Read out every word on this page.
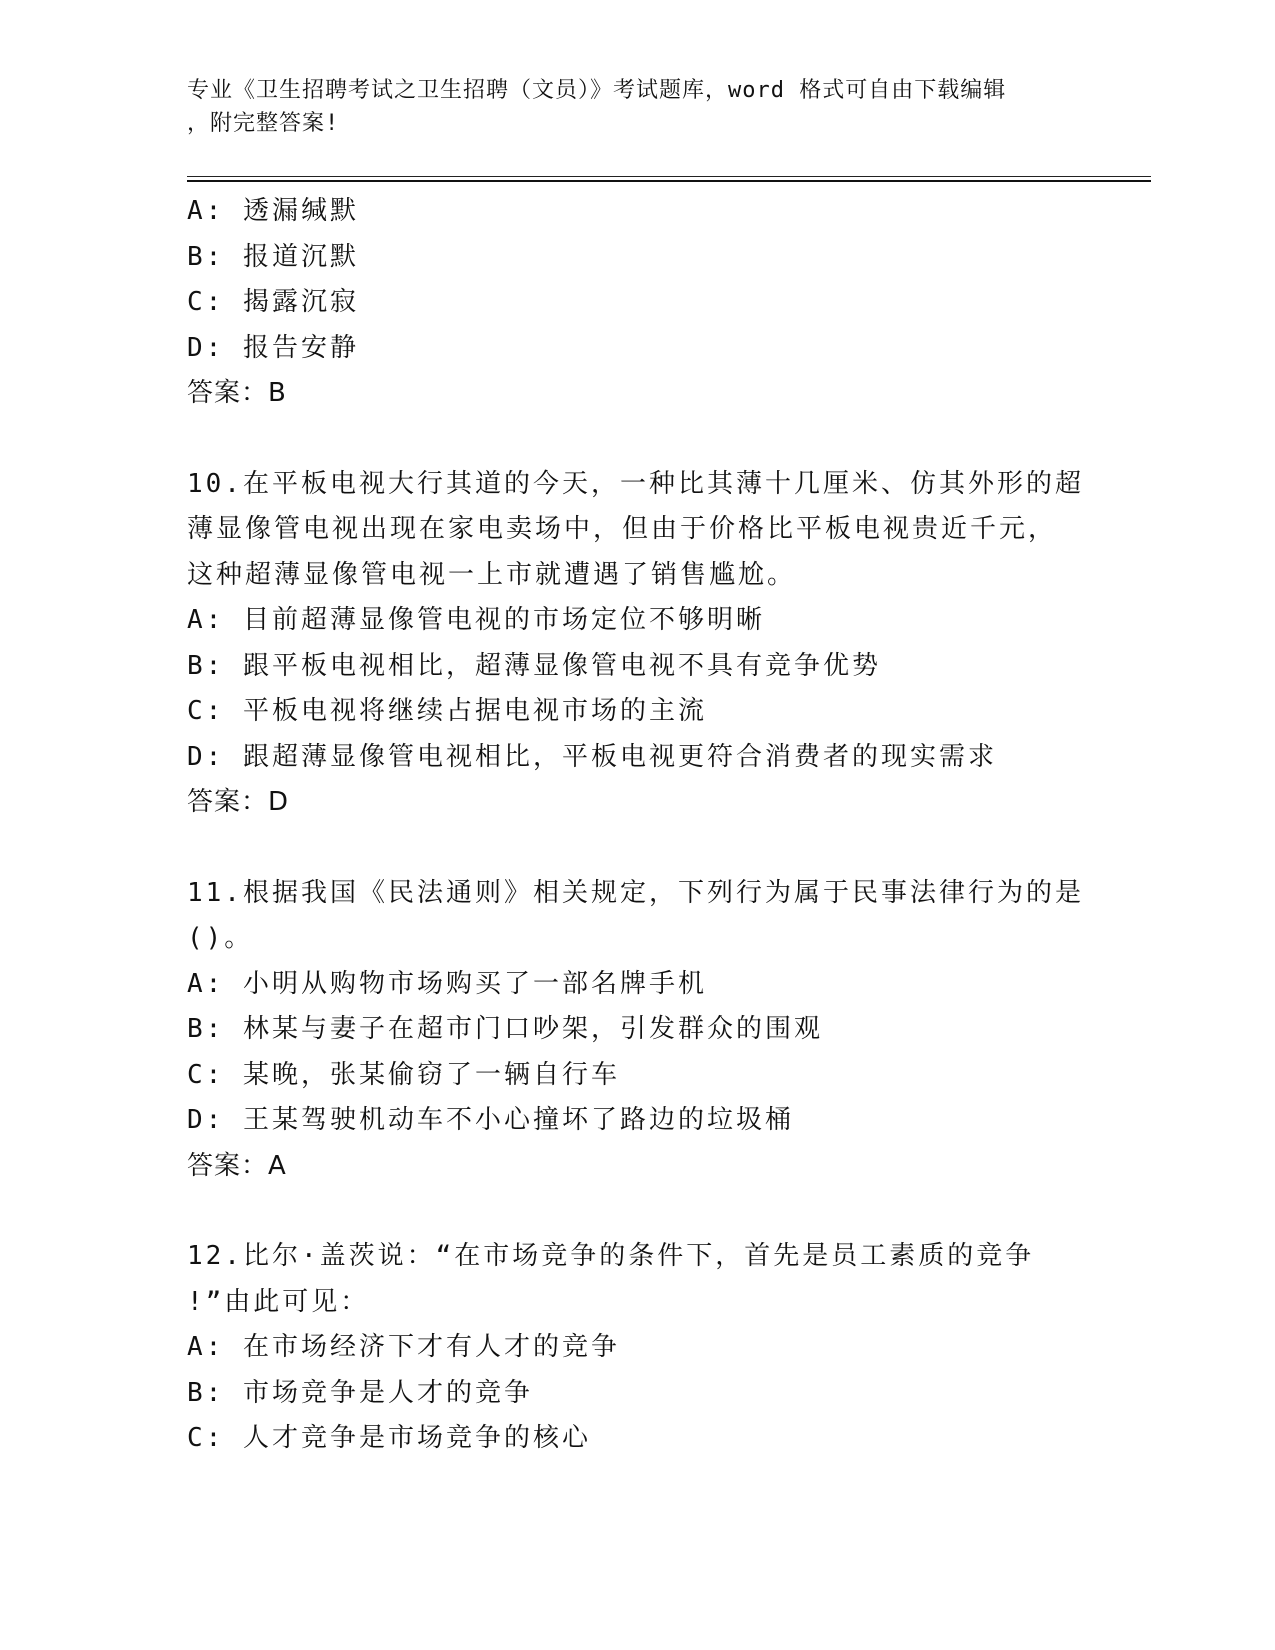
专业《卫生招聘考试之卫生招聘（文员）》考试题库，word 格式可自由下载编辑
，附完整答案!
A: 透漏缄默
B: 报道沉默
C: 揭露沉寂
D: 报告安静
答案：B
10.在平板电视大行其道的今天，一种比其薄十几厘米、仿其外形的超
薄显像管电视出现在家电卖场中，但由于价格比平板电视贵近千元，
这种超薄显像管电视一上市就遭遇了销售尴尬。
A: 目前超薄显像管电视的市场定位不够明晰
B: 跟平板电视相比，超薄显像管电视不具有竞争优势
C: 平板电视将继续占据电视市场的主流
D: 跟超薄显像管电视相比，平板电视更符合消费者的现实需求
答案：D
11.根据我国《民法通则》相关规定，下列行为属于民事法律行为的是
()。
A: 小明从购物市场购买了一部名牌手机
B: 林某与妻子在超市门口吵架，引发群众的围观
C: 某晚，张某偷窃了一辆自行车
D: 王某驾驶机动车不小心撞坏了路边的垃圾桶
答案：A
12.比尔·盖茨说：“在市场竞争的条件下，首先是员工素质的竞争
!”由此可见：
A: 在市场经济下才有人才的竞争
B: 市场竞争是人才的竞争
C: 人才竞争是市场竞争的核心
